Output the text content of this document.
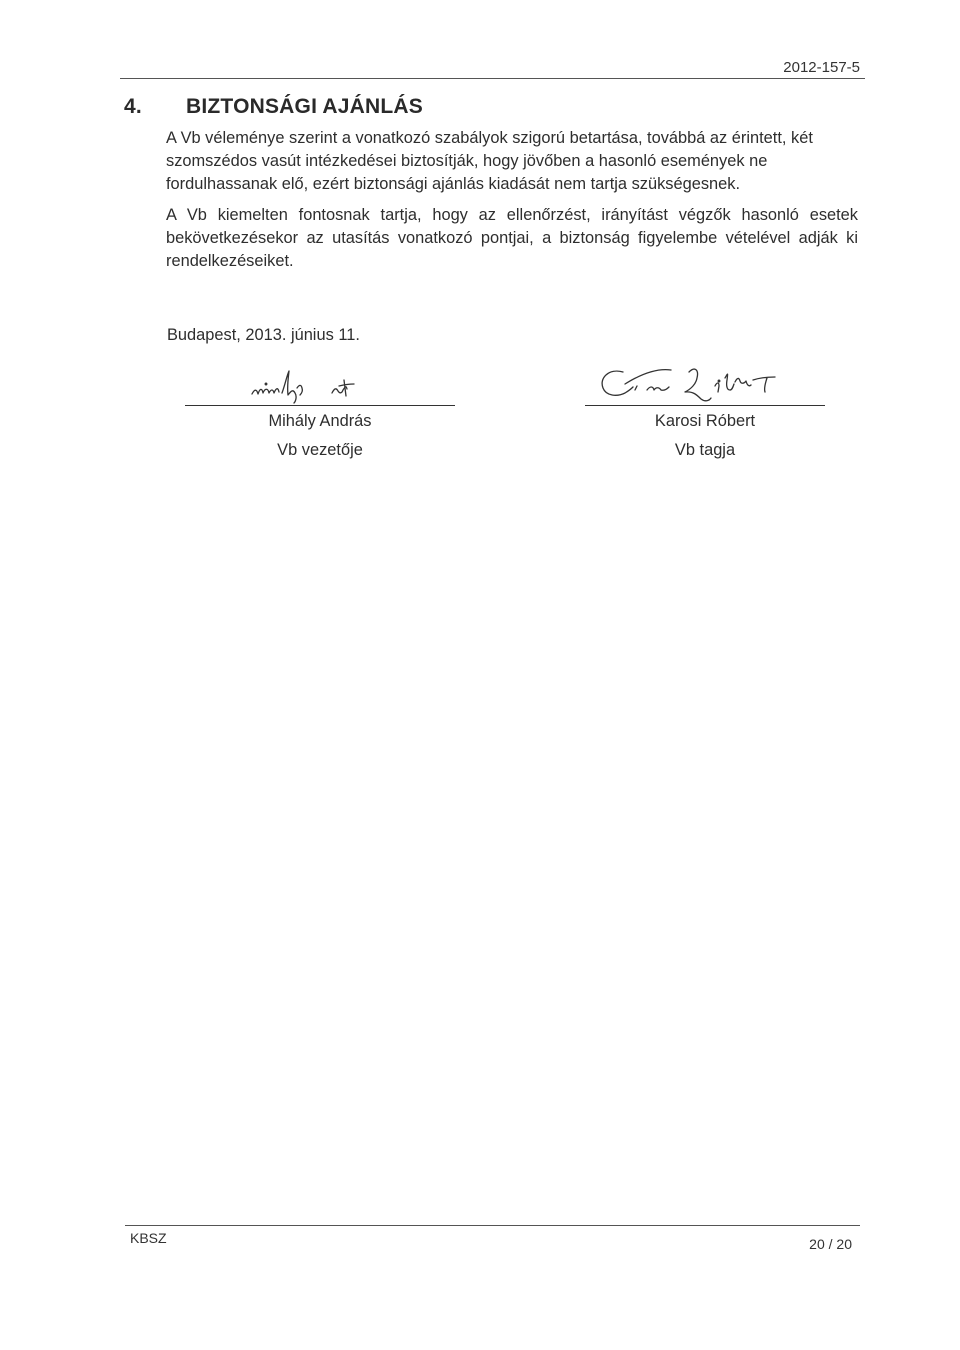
2012-157-5
4. BIZTONSÁGI AJÁNLÁS

A Vb véleménye szerint a vonatkozó szabályok szigorú betartása, továbbá az érintett, két szomszédos vasút intézkedései biztosítják, hogy jövőben a hasonló események ne fordulhassanak elő, ezért biztonsági ajánlás kiadását nem tartja szükségesnek.

A Vb kiemelten fontosnak tartja, hogy az ellenőrzést, irányítást végzők hasonló esetek bekövetkezésekor az utasítás vonatkozó pontjai, a biztonság figyelembe vételével adják ki rendelkezéseiket.

Budapest, 2013. június 11.
Mihály András
Vb vezetője
Karosi Róbert
Vb tagja
KBSZ	20 / 20
